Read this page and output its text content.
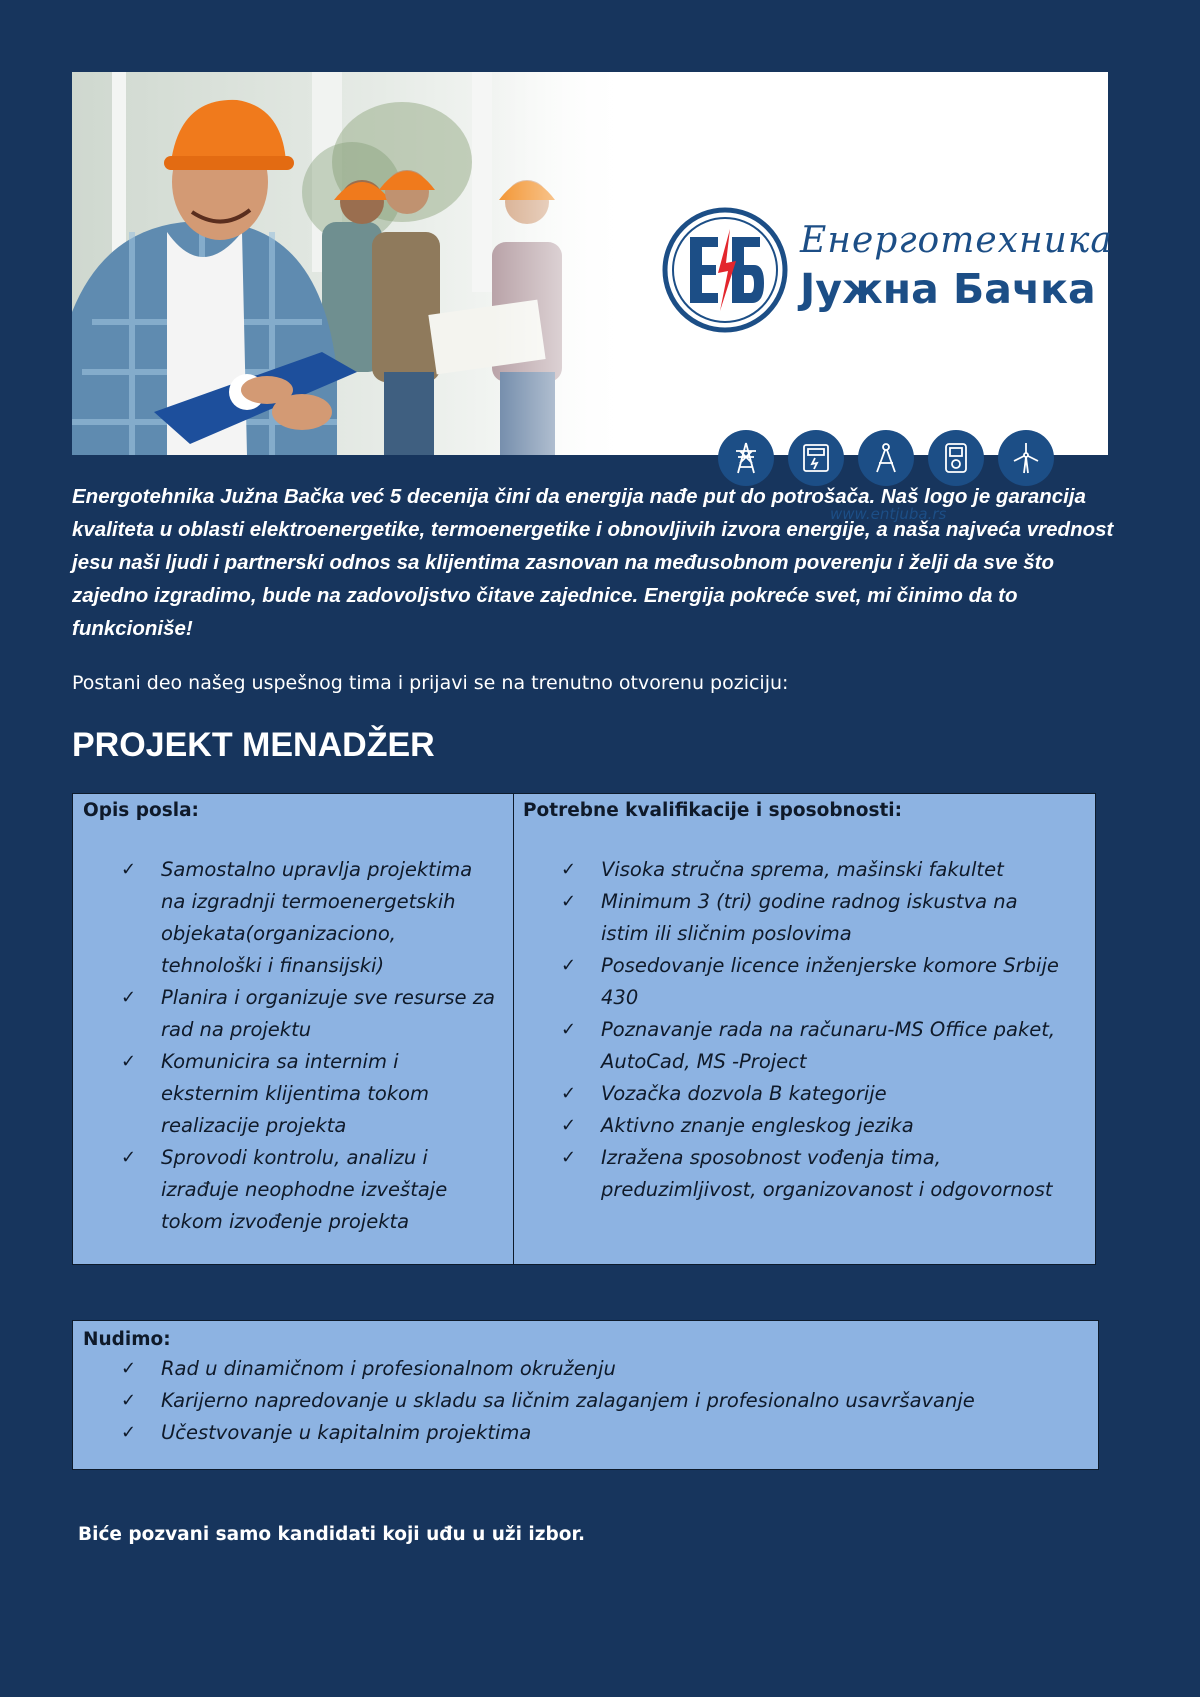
Енерготехника
Јужна Бачка
www.entjuba.rs

Energotehnika Južna Bačka već 5 decenija čini da energija nađe put do potrošača. Naš logo je garancija kvaliteta u oblasti elektroenergetike, termoenergetike i obnovljivih izvora energije, a naša najveća vrednost jesu naši ljudi i partnerski odnos sa klijentima zasnovan na međusobnom poverenju i želji da sve što zajedno izgradimo, bude na zadovoljstvo čitave zajednice. Energija pokreće svet, mi činimo da to funkcioniše!

Postani deo našeg uspešnog tima i prijavi se na trenutno otvorenu poziciju:

PROJEKT MENADŽER
Opis posla:
✓ Samostalno upravlja projektima na izgradnji termoenergetskih objekata(organizaciono, tehnološki i finansijski)
✓ Planira i organizuje sve resurse za rad na projektu
✓ Komunicira sa internim i eksternim klijentima tokom realizacije projekta
✓ Sprovodi kontrolu, analizu i izrađuje neophodne izveštaje tokom izvođenje projekta
Potrebne kvalifikacije i sposobnosti:
✓ Visoka stručna sprema, mašinski fakultet
✓ Minimum 3 (tri) godine radnog iskustva na istim ili sličnim poslovima
✓ Posedovanje licence inženjerske komore Srbije 430
✓ Poznavanje rada na računaru-MS Office paket, AutoCad, MS -Project
✓ Vozačka dozvola B kategorije
✓ Aktivno znanje engleskog jezika
✓ Izražena sposobnost vođenja tima, preduzimljivost, organizovanost i odgovornost
Nudimo:
✓ Rad u dinamičnom i profesionalnom okruženju
✓ Karijerno napredovanje u skladu sa ličnim zalaganjem i profesionalno usavršavanje
✓ Učestvovanje u kapitalnim projektima

Biće pozvani samo kandidati koji uđu u uži izbor.
